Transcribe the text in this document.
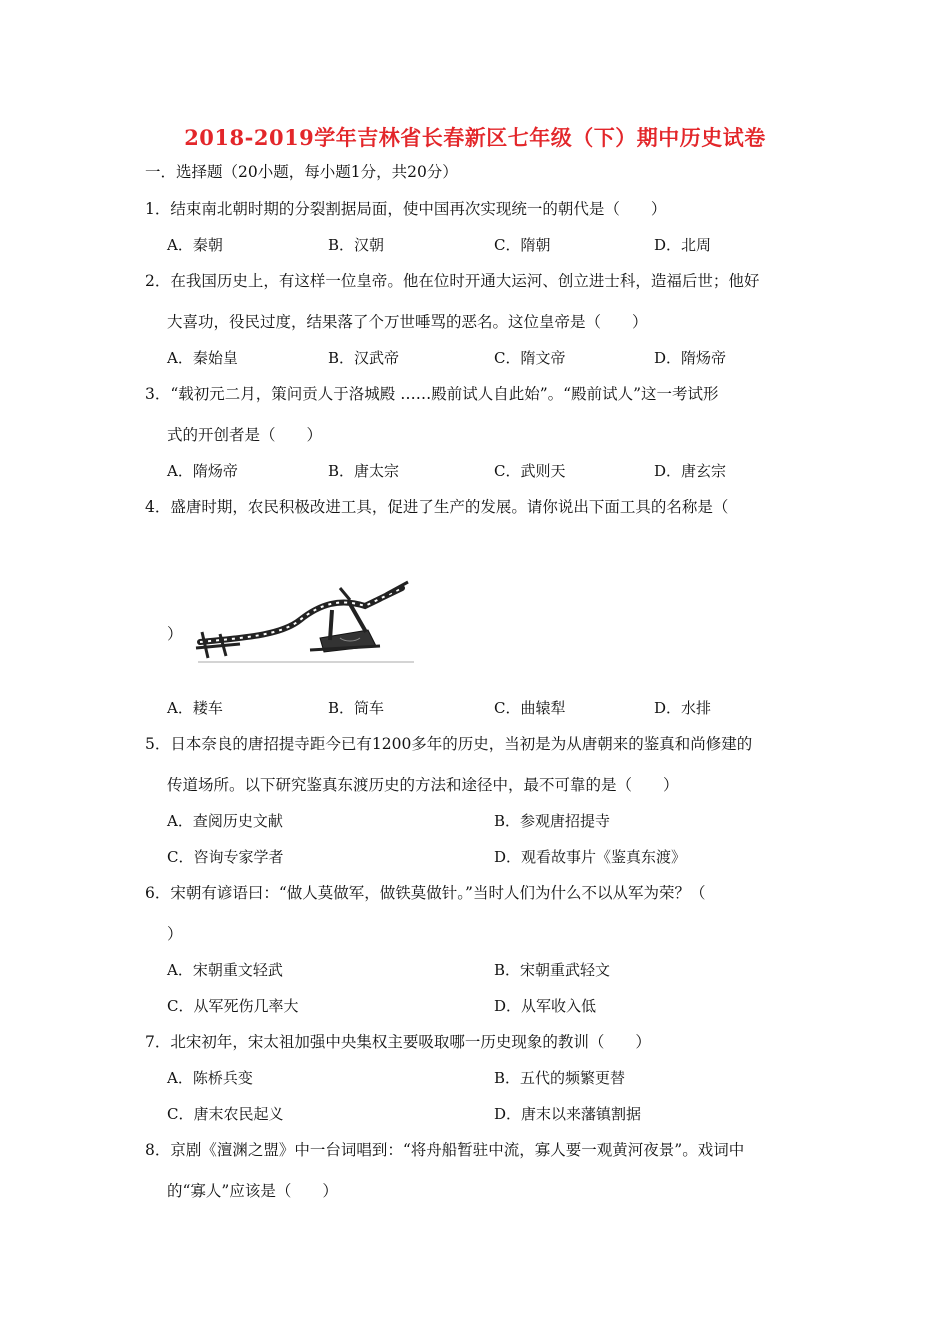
2018-2019学年吉林省长春新区七年级（下）期中历史试卷
一．选择题（20小题，每小题1分，共20分）
1．结束南北朝时期的分裂割据局面，使中国再次实现统一的朝代是（　　）
A．秦朝	B．汉朝	C．隋朝	D．北周
2．在我国历史上，有这样一位皇帝。他在位时开通大运河、创立进士科，造福后世；他好
大喜功，役民过度，结果落了个万世唾骂的恶名。这位皇帝是（　　）
A．秦始皇	B．汉武帝	C．隋文帝	D．隋炀帝
3．“载初元二月，策问贡人于洛城殿 ……殿前试人自此始”。“殿前试人”这一考试形
式的开创者是（　　）
A．隋炀帝	B．唐太宗	C．武则天	D．唐玄宗
4．盛唐时期，农民积极改进工具，促进了生产的发展。请你说出下面工具的名称是（
）
A．耧车	B．筒车	C．曲辕犁	D．水排
5．日本奈良的唐招提寺距今已有1200多年的历史，当初是为从唐朝来的鉴真和尚修建的
传道场所。以下研究鉴真东渡历史的方法和途径中，最不可靠的是（　　）
A．查阅历史文献	B．参观唐招提寺
C．咨询专家学者	D．观看故事片《鉴真东渡》
6．宋朝有谚语曰：“做人莫做军，做铁莫做针。”当时人们为什么不以从军为荣？（
）
A．宋朝重文轻武	B．宋朝重武轻文
C．从军死伤几率大	D．从军收入低
7．北宋初年，宋太祖加强中央集权主要吸取哪一历史现象的教训（　　）
A．陈桥兵变	B．五代的频繁更替
C．唐末农民起义	D．唐末以来藩镇割据
8．京剧《澶渊之盟》中一台词唱到：“将舟船暂驻中流，寡人要一观黄河夜景”。戏词中
的“寡人”应该是（　　）
